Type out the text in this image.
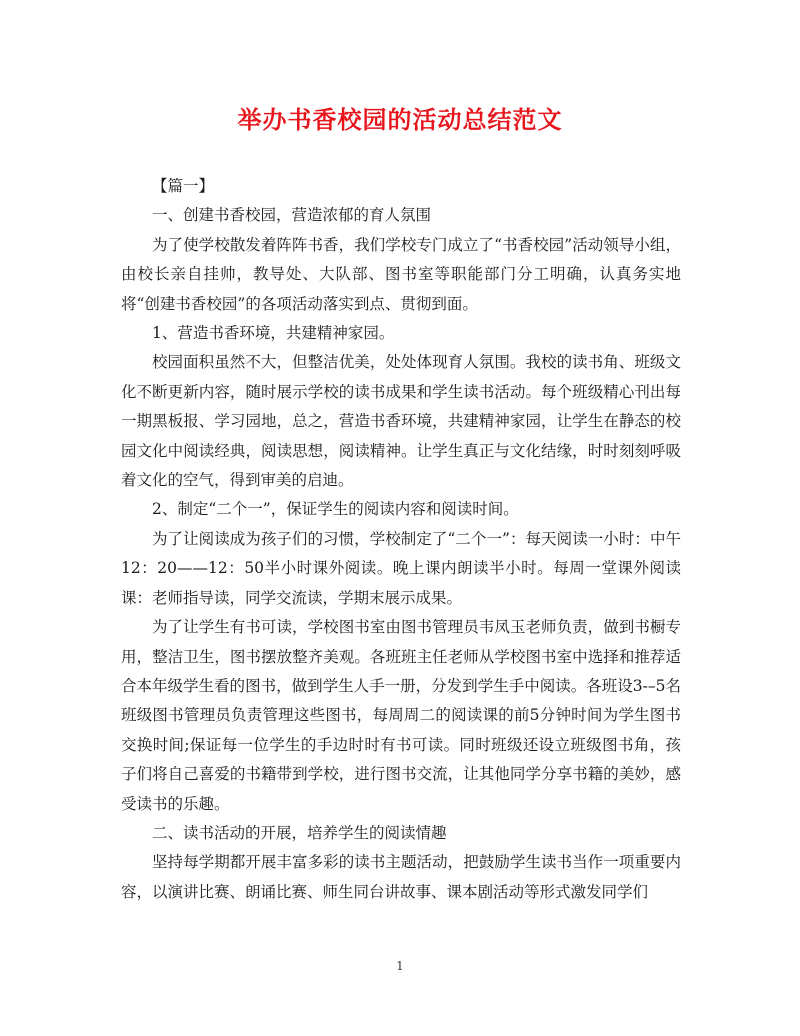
举办书香校园的活动总结范文

【篇一】

一、创建书香校园，营造浓郁的育人氛围

为了使学校散发着阵阵书香，我们学校专门成立了“书香校园”活动领导小组，由校长亲自挂帅，教导处、大队部、图书室等职能部门分工明确，认真务实地将“创建书香校园”的各项活动落实到点、贯彻到面。

1、营造书香环境，共建精神家园。

校园面积虽然不大，但整洁优美，处处体现育人氛围。我校的读书角、班级文化不断更新内容，随时展示学校的读书成果和学生读书活动。每个班级精心刊出每一期黑板报、学习园地，总之，营造书香环境，共建精神家园，让学生在静态的校园文化中阅读经典，阅读思想，阅读精神。让学生真正与文化结缘，时时刻刻呼吸着文化的空气，得到审美的启迪。

2、制定“二个一”，保证学生的阅读内容和阅读时间。

为了让阅读成为孩子们的习惯，学校制定了“二个一”：每天阅读一小时：中午12：20——12：50半小时课外阅读。晚上课内朗读半小时。每周一堂课外阅读课：老师指导读，同学交流读，学期末展示成果。

为了让学生有书可读，学校图书室由图书管理员韦凤玉老师负责，做到书橱专用，整洁卫生，图书摆放整齐美观。各班班主任老师从学校图书室中选择和推荐适合本年级学生看的图书，做到学生人手一册，分发到学生手中阅读。各班设3-–5名班级图书管理员负责管理这些图书，每周周二的阅读课的前5分钟时间为学生图书交换时间;保证每一位学生的手边时时有书可读。同时班级还设立班级图书角，孩子们将自己喜爱的书籍带到学校，进行图书交流，让其他同学分享书籍的美妙，感受读书的乐趣。

二、读书活动的开展，培养学生的阅读情趣

坚持每学期都开展丰富多彩的读书主题活动，把鼓励学生读书当作一项重要内容，以演讲比赛、朗诵比赛、师生同台讲故事、课本剧活动等形式激发同学们

1
